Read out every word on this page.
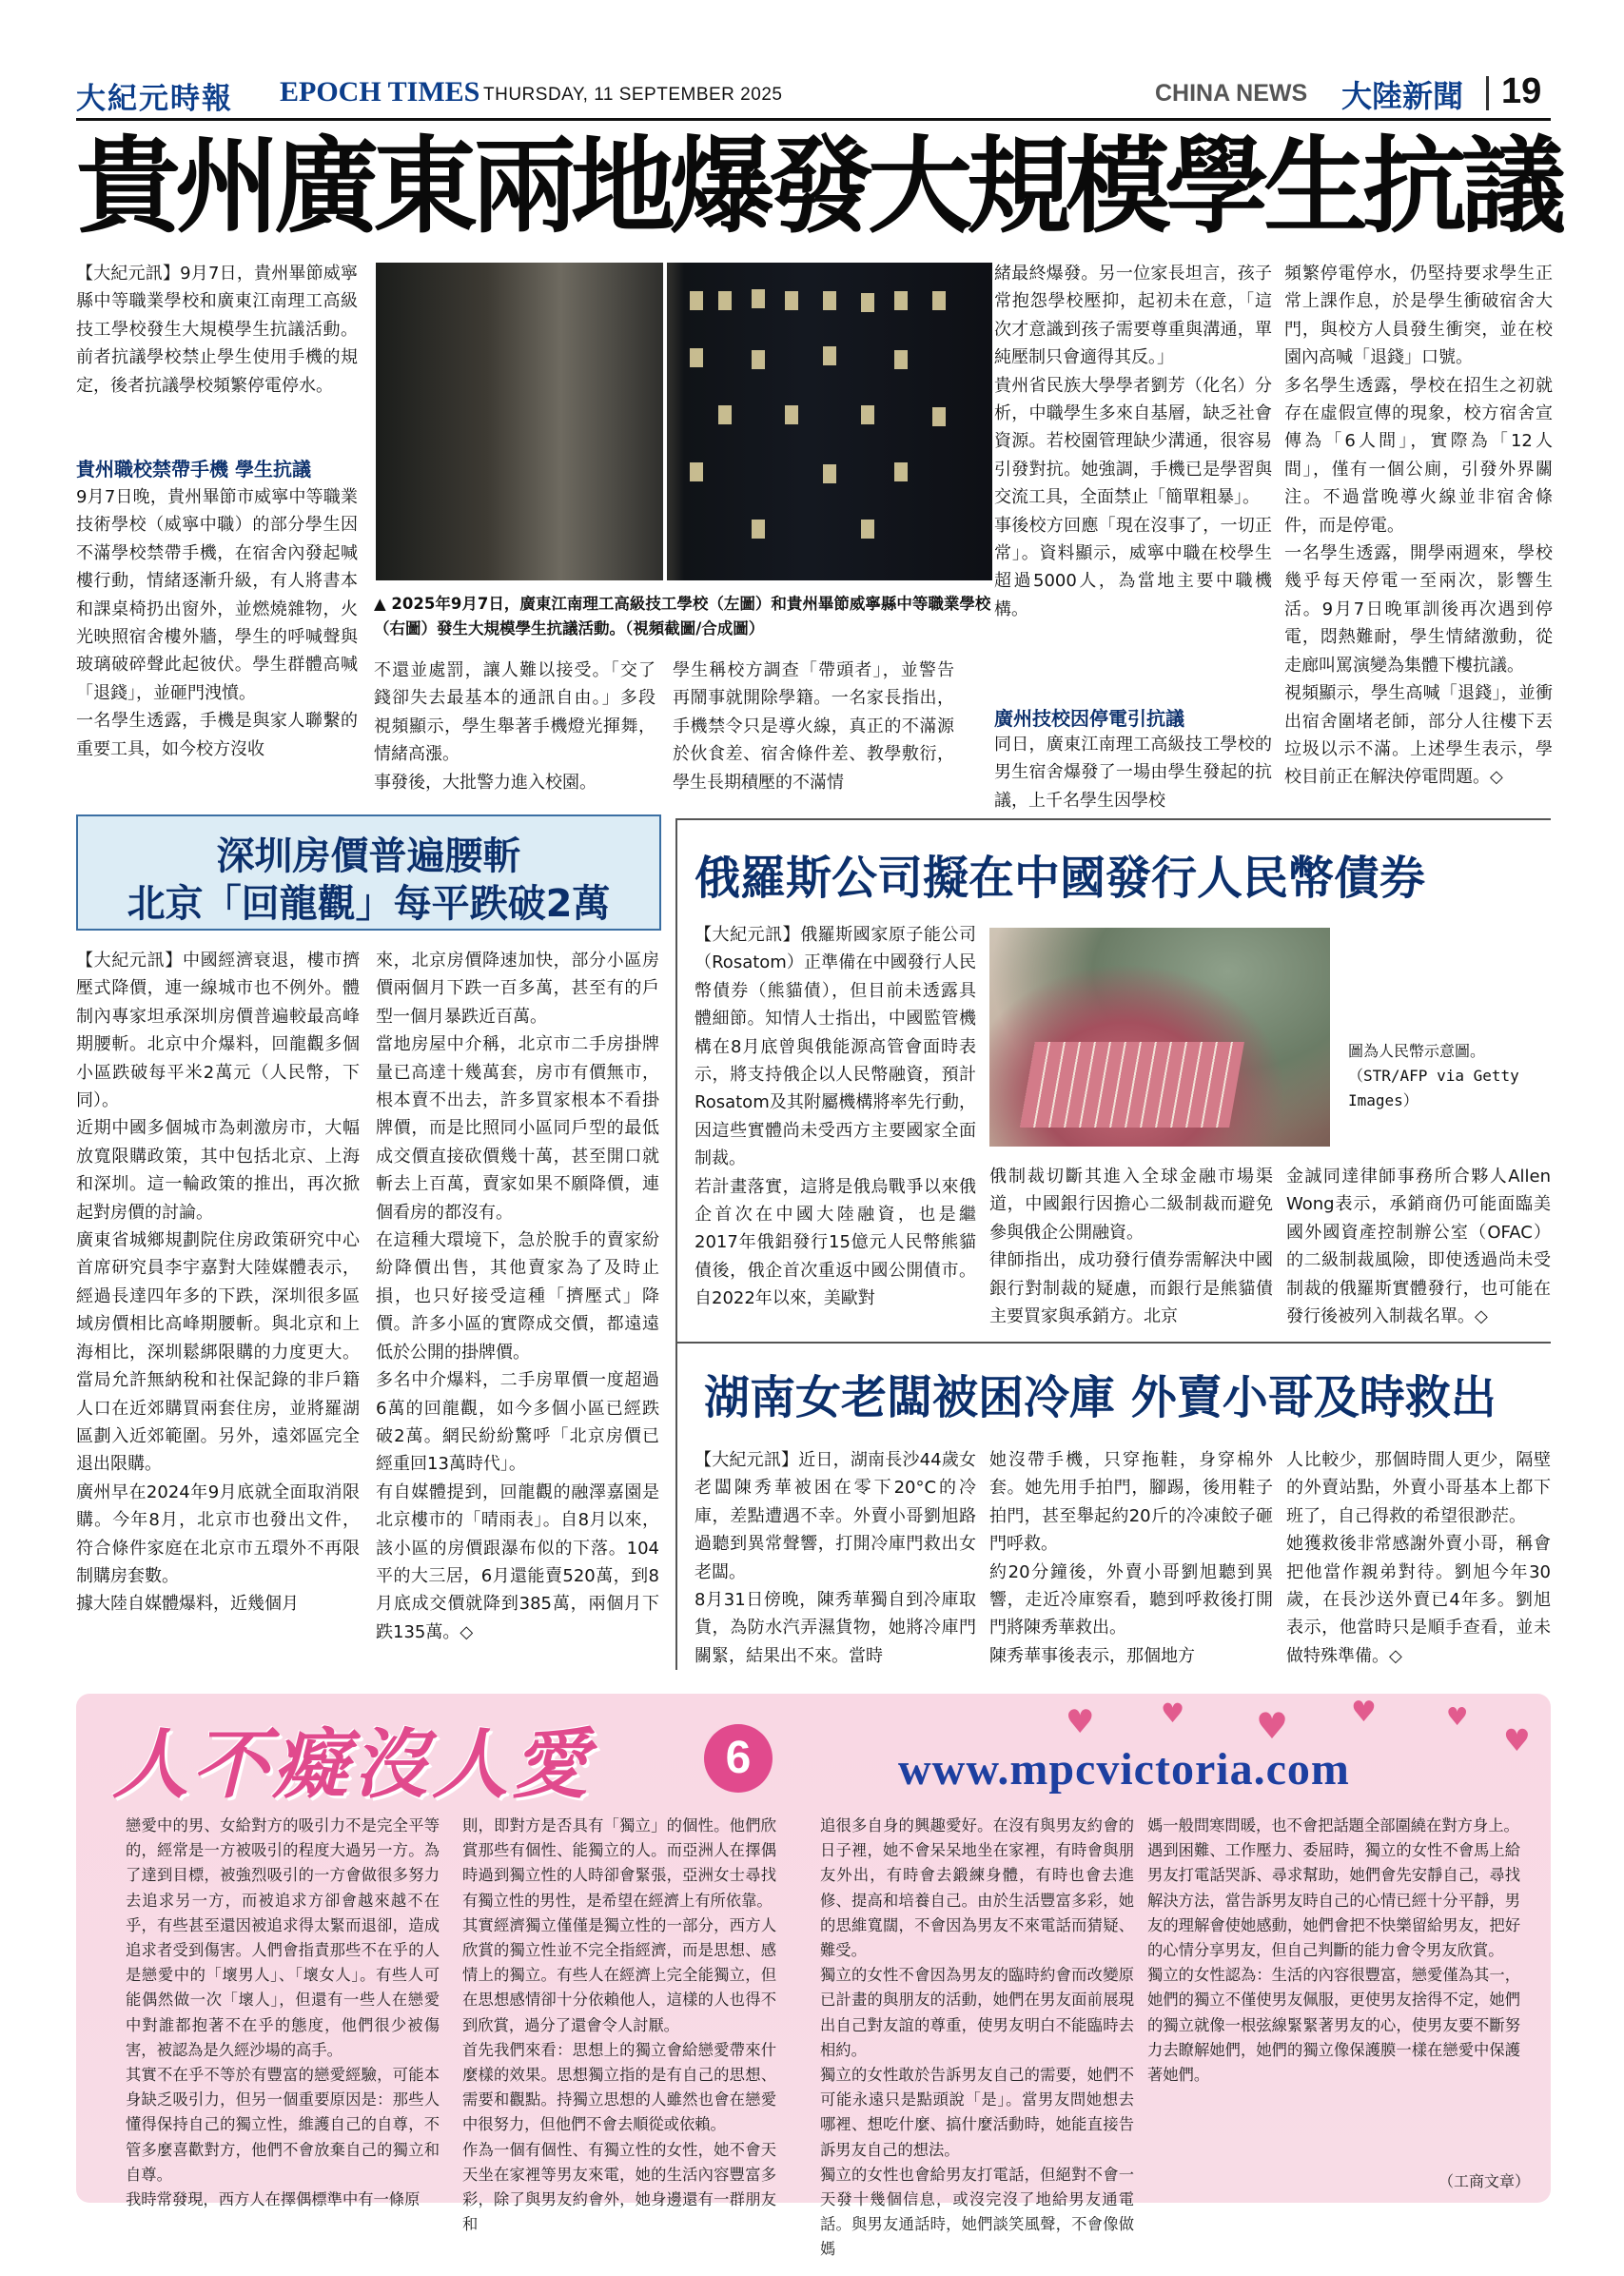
大紀元時報 EPOCH TIMES THURSDAY, 11 SEPTEMBER 2025	CHINA NEWS 大陸新聞 19
貴州廣東兩地爆發大規模學生抗議
【大紀元訊】9月7日，貴州畢節威寧縣中等職業學校和廣東江南理工高級技工學校發生大規模學生抗議活動。前者抗議學校禁止學生使用手機的規定，後者抗議學校頻繁停電停水。
貴州職校禁帶手機 學生抗議
9月7日晚，貴州畢節市威寧中等職業技術學校（威寧中職）的部分學生因不滿學校禁帶手機，在宿舍內發起喊樓行動，情緒逐漸升級，有人將書本和課桌椅扔出窗外，並燃燒雜物，火光映照宿舍樓外牆，學生的呼喊聲與玻璃破碎聲此起彼伏。學生群體高喊「退錢」，並砸門洩憤。
一名學生透露，手機是與家人聯繫的重要工具，如今校方沒收
▲ 2025年9月7日，廣東江南理工高級技工學校（左圖）和貴州畢節威寧縣中等職業學校（右圖）發生大規模學生抗議活動。（視頻截圖/合成圖）
不還並處罰，讓人難以接受。「交了錢卻失去最基本的通訊自由。」多段視頻顯示，學生舉著手機燈光揮舞，情緒高漲。
事發後，大批警力進入校園。
學生稱校方調查「帶頭者」，並警告再鬧事就開除學籍。一名家長指出，手機禁令只是導火線，真正的不滿源於伙食差、宿舍條件差、教學敷衍，學生長期積壓的不滿情
緒最終爆發。另一位家長坦言，孩子常抱怨學校壓抑，起初未在意，「這次才意識到孩子需要尊重與溝通，單純壓制只會適得其反。」
貴州省民族大學學者劉芳（化名）分析，中職學生多來自基層，缺乏社會資源。若校園管理缺少溝通，很容易引發對抗。她強調，手機已是學習與交流工具，全面禁止「簡單粗暴」。
事後校方回應「現在沒事了，一切正常」。資料顯示，威寧中職在校學生超過5000人，為當地主要中職機構。
廣州技校因停電引抗議
同日，廣東江南理工高級技工學校的男生宿舍爆發了一場由學生發起的抗議，上千名學生因學校
頻繁停電停水，仍堅持要求學生正常上課作息，於是學生衝破宿舍大門，與校方人員發生衝突，並在校園內高喊「退錢」口號。
多名學生透露，學校在招生之初就存在虛假宣傳的現象，校方宿舍宣傳為「6人間」，實際為「12人間」，僅有一個公廁，引發外界關注。不過當晚導火線並非宿舍條件，而是停電。
一名學生透露，開學兩週來，學校幾乎每天停電一至兩次，影響生活。9月7日晚軍訓後再次遇到停電，悶熱難耐，學生情緒激動，從走廊叫罵演變為集體下樓抗議。
視頻顯示，學生高喊「退錢」，並衝出宿舍圍堵老師，部分人往樓下丟垃圾以示不滿。上述學生表示，學校目前正在解決停電問題。◇
深圳房價普遍腰斬
北京「回龍觀」每平跌破2萬
【大紀元訊】中國經濟衰退，樓市擠壓式降價，連一線城市也不例外。體制內專家坦承深圳房價普遍較最高峰期腰斬。北京中介爆料，回龍觀多個小區跌破每平米2萬元（人民幣，下同）。
近期中國多個城市為刺激房市，大幅放寬限購政策，其中包括北京、上海和深圳。這一輪政策的推出，再次掀起對房價的討論。
廣東省城鄉規劃院住房政策研究中心首席研究員李宇嘉對大陸媒體表示，經過長達四年多的下跌，深圳很多區域房價相比高峰期腰斬。與北京和上海相比，深圳鬆綁限購的力度更大。當局允許無納稅和社保記錄的非戶籍人口在近郊購買兩套住房，並將羅湖區劃入近郊範圍。另外，遠郊區完全退出限購。
廣州早在2024年9月底就全面取消限購。今年8月，北京市也發出文件，符合條件家庭在北京市五環外不再限制購房套數。
據大陸自媒體爆料，近幾個月
來，北京房價降速加快，部分小區房價兩個月下跌一百多萬，甚至有的戶型一個月暴跌近百萬。
當地房屋中介稱，北京市二手房掛牌量已高達十幾萬套，房市有價無市，根本賣不出去，許多買家根本不看掛牌價，而是比照同小區同戶型的最低成交價直接砍價幾十萬，甚至開口就斬去上百萬，賣家如果不願降價，連個看房的都沒有。
在這種大環境下，急於脫手的賣家紛紛降價出售，其他賣家為了及時止損，也只好接受這種「擠壓式」降價。許多小區的實際成交價，都遠遠低於公開的掛牌價。
多名中介爆料，二手房單價一度超過6萬的回龍觀，如今多個小區已經跌破2萬。網民紛紛驚呼「北京房價已經重回13萬時代」。
有自媒體提到，回龍觀的融澤嘉園是北京樓市的「晴雨表」。自8月以來，該小區的房價跟瀑布似的下落。104平的大三居，6月還能賣520萬，到8月底成交價就降到385萬，兩個月下跌135萬。◇
俄羅斯公司擬在中國發行人民幣債券
【大紀元訊】俄羅斯國家原子能公司（Rosatom）正準備在中國發行人民幣債券（熊貓債），但目前未透露具體細節。知情人士指出，中國監管機構在8月底曾與俄能源高管會面時表示，將支持俄企以人民幣融資，預計Rosatom及其附屬機構將率先行動，因這些實體尚未受西方主要國家全面制裁。
若計畫落實，這將是俄烏戰爭以來俄企首次在中國大陸融資，也是繼2017年俄鋁發行15億元人民幣熊貓債後，俄企首次重返中國公開債市。自2022年以來，美歐對
圖為人民幣示意圖。（STR/AFP via Getty Images）
俄制裁切斷其進入全球金融市場渠道，中國銀行因擔心二級制裁而避免參與俄企公開融資。
律師指出，成功發行債券需解決中國銀行對制裁的疑慮，而銀行是熊貓債主要買家與承銷方。北京
金誠同達律師事務所合夥人Allen Wong表示，承銷商仍可能面臨美國外國資產控制辦公室（OFAC）的二級制裁風險，即使透過尚未受制裁的俄羅斯實體發行，也可能在發行後被列入制裁名單。◇
湖南女老闆被困冷庫 外賣小哥及時救出
【大紀元訊】近日，湖南長沙44歲女老闆陳秀華被困在零下20°C的冷庫，差點遭遇不幸。外賣小哥劉旭路過聽到異常聲響，打開冷庫門救出女老闆。
8月31日傍晚，陳秀華獨自到冷庫取貨，為防水汽弄濕貨物，她將冷庫門關緊，結果出不來。當時
她沒帶手機，只穿拖鞋，身穿棉外套。她先用手拍門，腳踢，後用鞋子拍門，甚至舉起約20斤的冷凍餃子砸門呼救。
約20分鐘後，外賣小哥劉旭聽到異響，走近冷庫察看，聽到呼救後打開門將陳秀華救出。
陳秀華事後表示，那個地方
人比較少，那個時間人更少，隔壁的外賣站點，外賣小哥基本上都下班了，自己得救的希望很渺茫。
她獲救後非常感謝外賣小哥，稱會把他當作親弟對待。劉旭今年30歲，在長沙送外賣已4年多。劉旭表示，他當時只是順手查看，並未做特殊準備。◇
♥ ♥ ♥ ♥	♥
♥
人不癡沒人愛	6	www.mpcvictoria.com
戀愛中的男、女給對方的吸引力不是完全平等的，經常是一方被吸引的程度大過另一方。為了達到目標，被強烈吸引的一方會做很多努力去追求另一方，而被追求方卻會越來越不在乎，有些甚至還因被追求得太緊而退卻，造成追求者受到傷害。人們會指責那些不在乎的人是戀愛中的「壞男人」、「壞女人」。有些人可能偶然做一次「壞人」，但還有一些人在戀愛中對誰都抱著不在乎的態度，他們很少被傷害，被認為是久經沙場的高手。
其實不在乎不等於有豐富的戀愛經驗，可能本身缺乏吸引力，但另一個重要原因是：那些人懂得保持自己的獨立性，維護自己的自尊，不管多麼喜歡對方，他們不會放棄自己的獨立和自尊。
我時常發現，西方人在擇偶標準中有一條原
則，即對方是否具有「獨立」的個性。他們欣賞那些有個性、能獨立的人。而亞洲人在擇偶時過到獨立性的人時卻會緊張，亞洲女士尋找有獨立性的男性，是希望在經濟上有所依靠。
其實經濟獨立僅僅是獨立性的一部分，西方人欣賞的獨立性並不完全指經濟，而是思想、感情上的獨立。有些人在經濟上完全能獨立，但在思想感情卻十分依賴他人，這樣的人也得不到欣賞，過分了還會令人討厭。
首先我們來看：思想上的獨立會給戀愛帶來什麼樣的效果。思想獨立指的是有自己的思想、需要和觀點。持獨立思想的人雖然也會在戀愛中很努力，但他們不會去順從或依賴。
作為一個有個性、有獨立性的女性，她不會天天坐在家裡等男友來電，她的生活內容豐富多彩，除了與男友約會外，她身邊還有一群朋友和
追很多自身的興趣愛好。在沒有與男友約會的日子裡，她不會呆呆地坐在家裡，有時會與朋友外出，有時會去鍛練身體，有時也會去進修、提高和培養自己。由於生活豐富多彩，她的思維寬闊，不會因為男友不來電話而猜疑、難受。
獨立的女性不會因為男友的臨時約會而改變原已計畫的與朋友的活動，她們在男友面前展現出自己對友誼的尊重，使男友明白不能臨時去相約。
獨立的女性敢於告訴男友自己的需要，她們不可能永遠只是點頭說「是」。當男友問她想去哪裡、想吃什麼、搞什麼活動時，她能直接告訴男友自己的想法。
獨立的女性也會給男友打電話，但絕對不會一天發十幾個信息，或沒完沒了地給男友通電話。與男友通話時，她們談笑風聲，不會像做媽
媽一般問寒問暖，也不會把話題全部圍繞在對方身上。
遇到困難、工作壓力、委屈時，獨立的女性不會馬上給男友打電話哭訴、尋求幫助，她們會先安靜自己，尋找解決方法，當告訴男友時自己的心情已經十分平靜，男友的理解會使她感動，她們會把不快樂留給男友，把好的心情分享男友，但自己判斷的能力會令男友欣賞。
獨立的女性認為：生活的內容很豐富，戀愛僅為其一，她們的獨立不僅使男友佩服，更使男友捨得不定，她們的獨立就像一根弦線緊緊著男友的心，使男友要不斷努力去瞭解她們，她們的獨立像保護膜一樣在戀愛中保護著她們。
（工商文章）
